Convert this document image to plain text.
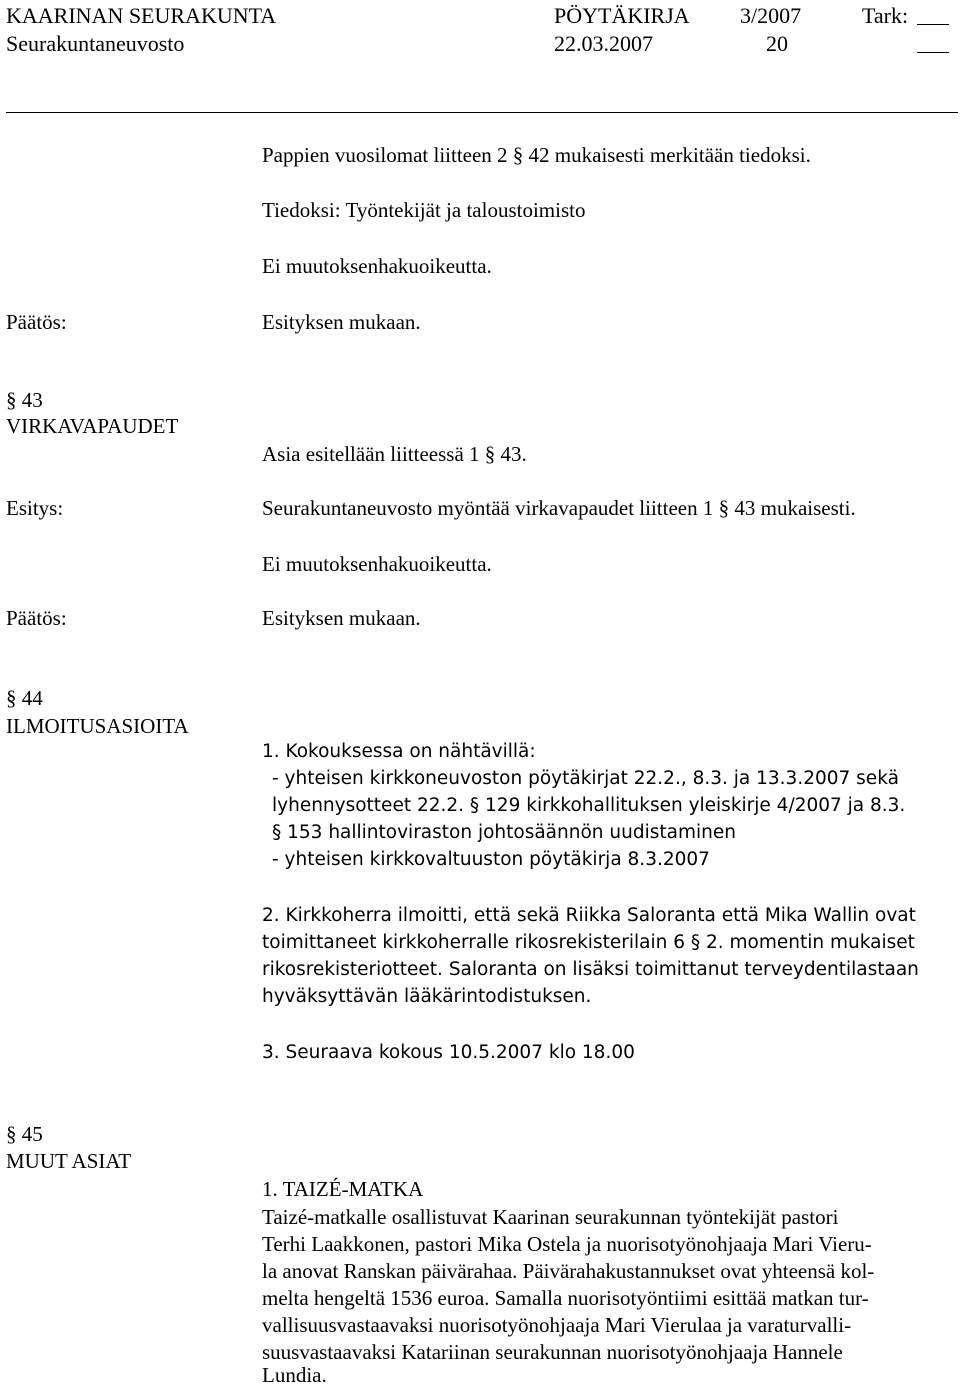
KAARINAN SEURAKUNTA	PÖYTÄKIRJA 3/2007	Tark:
Seurakuntaneuvosto	22.03.2007	20
Pappien vuosilomat liitteen 2 § 42 mukaisesti merkitään tiedoksi.
Tiedoksi: Työntekijät ja taloustoimisto
Ei muutoksenhakuoikeutta.
Päätös:	Esityksen mukaan.
§ 43
VIRKAVAPAUDET
Asia esitellään liitteessä 1 § 43.
Esitys:	Seurakuntaneuvosto myöntää virkavapaudet liitteen 1 § 43 mukaisesti.
Ei muutoksenhakuoikeutta.
Päätös:	Esityksen mukaan.
§ 44
ILMOITUSASIOITA
1. Kokouksessa on nähtävillä:
- yhteisen kirkkoneuvoston pöytäkirjat 22.2., 8.3. ja 13.3.2007 sekä
lyhennysotteet 22.2. § 129 kirkkohallituksen yleiskirje 4/2007 ja 8.3.
§ 153 hallintoviraston johtosäännön uudistaminen
- yhteisen kirkkovaltuuston pöytäkirja 8.3.2007
2. Kirkkoherra ilmoitti, että sekä Riikka Saloranta että Mika Wallin ovat
toimittaneet kirkkoherralle rikosrekisterilain 6 § 2. momentin mukaiset
rikosrekisteriotteet. Saloranta on lisäksi toimittanut terveydentilastaan
hyväksyttävän lääkärintodistuksen.
3. Seuraava kokous 10.5.2007 klo 18.00
§ 45
MUUT ASIAT
1. TAIZÉ-MATKA
Taizé-matkalle osallistuvat Kaarinan seurakunnan työntekijät pastori
Terhi Laakkonen, pastori Mika Ostela ja nuorisotyönohjaaja Mari Vieru-
la anovat Ranskan päivärahaa. Päivärahakustannukset ovat yhteensä kol-
melta hengeltä 1536 euroa. Samalla nuorisotyöntiimi esittää matkan tur-
vallisuusvastaavaksi nuorisotyönohjaaja Mari Vierulaa ja varaturvalli-
suusvastaavaksi Katariinan seurakunnan nuorisotyönohjaaja Hannele
Lundia.
